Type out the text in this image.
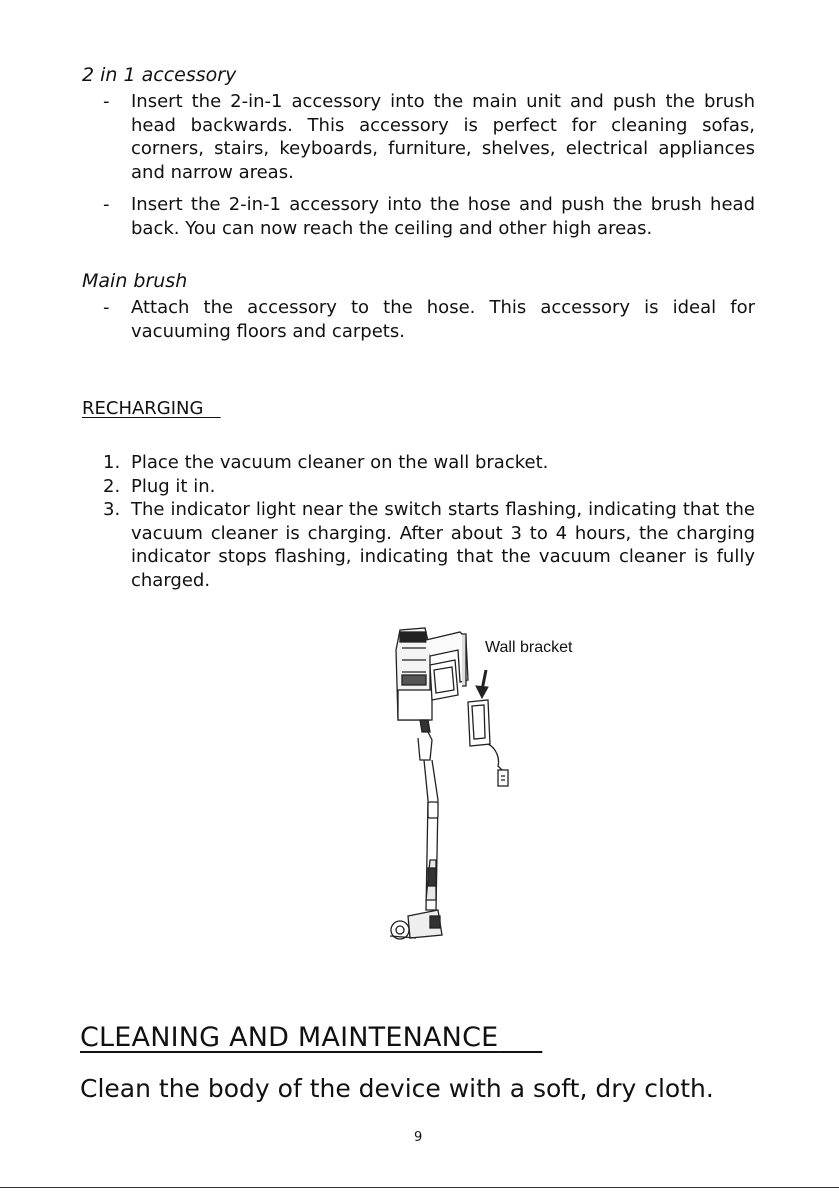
2 in 1 accessory
- Insert the 2-in-1 accessory into the main unit and push the brush head backwards. This accessory is perfect for cleaning sofas, corners, stairs, keyboards, furniture, shelves, electrical appliances and narrow areas.
- Insert the 2-in-1 accessory into the hose and push the brush head back. You can now reach the ceiling and other high areas.
Main brush
- Attach the accessory to the hose. This accessory is ideal for vacuuming floors and carpets.
RECHARGING
1. Place the vacuum cleaner on the wall bracket.
2. Plug it in.
3. The indicator light near the switch starts flashing, indicating that the vacuum cleaner is charging. After about 3 to 4 hours, the charging indicator stops flashing, indicating that the vacuum cleaner is fully charged.
Wall bracket
CLEANING AND MAINTENANCE
Clean the body of the device with a soft, dry cloth.
9
